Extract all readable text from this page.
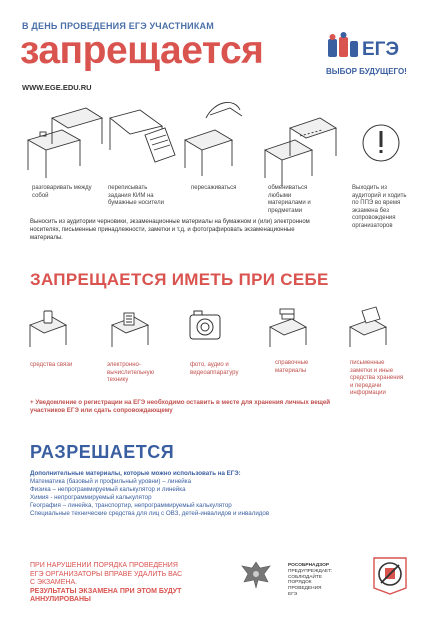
В ДЕНЬ ПРОВЕДЕНИЯ ЕГЭ УЧАСТНИКАМ
запрещается
WWW.EGE.EDU.RU
ЕГЭ
ВЫБОР БУДУЩЕГО!
разговаривать между собой
переписывать задания КИМ на бумажные носители
пересаживаться	обмениваться любыми материалами и предметами
Выходить из аудиторий и ходить по ППЭ во время экзамена без сопровождения организаторов
Выносить из аудитории черновики, экзаменационные материалы на бумажном и (или) электронном носителях, письменные принадлежности, заметки и т.д, и фотографировать экзаменационные материалы.
ЗАПРЕЩАЕТСЯ ИМЕТЬ ПРИ СЕБЕ
средства связи	электронно-вычислительную технику
фото, аудио и видеоаппаратуру
справочные материалы
письменные заметки и иные средства хранения и передачи информации
+ Уведомление о регистрации на ЕГЭ необходимо оставить в месте для хранения личных вещей участников ЕГЭ или сдать сопровождающему
РАЗРЕШАЕТСЯ
Дополнительные материалы, которые можно использовать на ЕГЭ:
Математика (базовый и профильный уровни) – линейка
Физика – непрограммируемый калькулятор и линейка
Химия - непрограммируемый калькулятор
География – линейка, транспортир, непрограммируемый калькулятор
Специальные технические средства для лиц с ОВЗ, детей-инвалидов и инвалидов
ПРИ НАРУШЕНИИ ПОРЯДКА ПРОВЕДЕНИЯ
ЕГЭ ОРГАНИЗАТОРЫ ВПРАВЕ УДАЛИТЬ ВАС
С ЭКЗАМЕНА.
РЕЗУЛЬТАТЫ ЭКЗАМЕНА ПРИ ЭТОМ БУДУТ
АННУЛИРОВАНЫ
РОСОБРНАДЗОР
ПРЕДУПРЕЖДАЕТ:
СОБЛЮДАЙТЕ
ПОРЯДОК
ПРОВЕДЕНИЯ
ЕГЭ
